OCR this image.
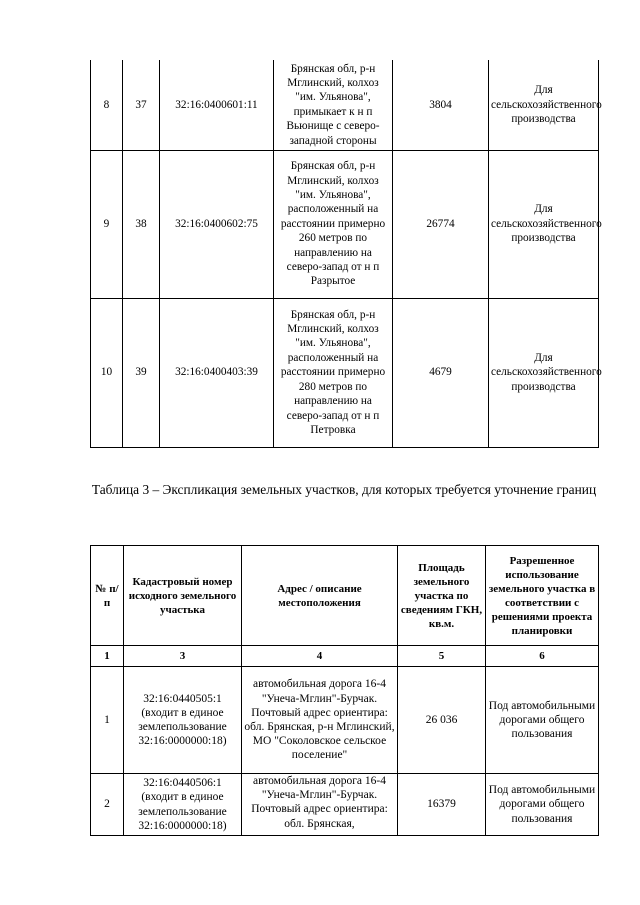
8	37	32:16:0400601:11	Брянская обл, р-н Мглинский, колхоз "им. Ульянова", примыкает к н п Вьюнище с северо-западной стороны	3804	Для сельскохозяйственного производства
9	38	32:16:0400602:75	Брянская обл, р-н Мглинский, колхоз "им. Ульянова", расположенный на расстоянии примерно 260 метров по направлению на северо-запад от н п Разрытое	26774	Для сельскохозяйственного производства
10	39	32:16:0400403:39	Брянская обл, р-н Мглинский, колхоз "им. Ульянова", расположенный на расстоянии примерно 280 метров по направлению на северо-запад от н п Петровка	4679	Для сельскохозяйственного производства
Таблица 3 – Экспликация земельных участков, для которых требуется уточнение границ
№ п/п	Кадастровый номер исходного земельного участька	Адрес / описание местоположения	Площадь земельного участка по сведениям ГКН, кв.м.	Разрешенное использование земельного участка в соответствии с решениями проекта планировки
1	3	4	5	6
1	32:16:0440505:1 (входит в единое землепользование 32:16:0000000:18)	автомобильная дорога 16-4 "Унеча-Мглин"-Бурчак. Почтовый адрес ориентира: обл. Брянская, р-н Мглинский, МО "Соколовское сельское поселение"	26 036	Под автомобильными дорогами общего пользования
2	32:16:0440506:1 (входит в единое землепользование 32:16:0000000:18)	автомобильная дорога 16-4 "Унеча-Мглин"-Бурчак. Почтовый адрес ориентира: обл. Брянская,	16379	Под автомобильными дорогами общего пользования
